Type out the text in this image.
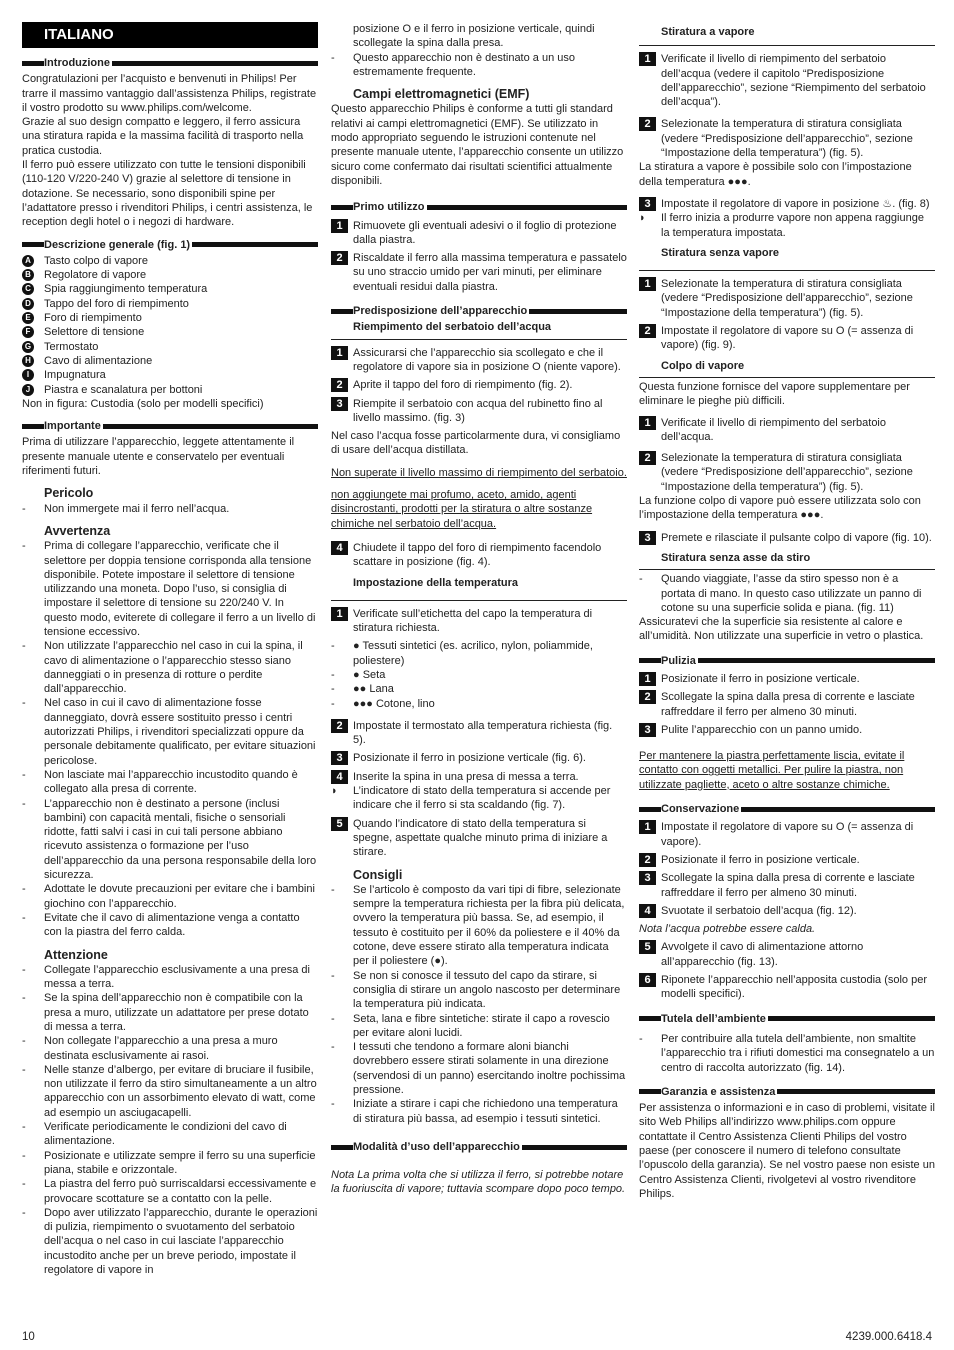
ITALIANO
Introduzione

Congratulazioni per l’acquisto e benvenuti in Philips! Per trarre il massimo vantaggio dall’assistenza Philips, registrate il vostro prodotto su www.philips.com/welcome.
Grazie al suo design compatto e leggero, il ferro assicura una stiratura rapida e la massima facilità di trasporto nella pratica custodia.
Il ferro può essere utilizzato con tutte le tensioni disponibili (110-120 V/220-240 V) grazie al selettore di tensione in dotazione. Se necessario, sono disponibili spine per l’adattatore presso i rivenditori Philips, i centri assistenza, le reception degli hotel o i negozi di hardware.

Descrizione generale (fig. 1)
A Tasto colpo di vapore
B Regolatore di vapore
C Spia raggiungimento temperatura
D Tappo del foro di riempimento
E	Foro di riempimento
F	Selettore di tensione
G Termostato
H Cavo di alimentazione
I	Impugnatura
J	Piastra e scanalatura per bottoni

Non in figura: Custodia (solo per modelli specifici)

Importante

Prima di utilizzare l’apparecchio, leggete attentamente il presente manuale utente e conservatelo per eventuali riferimenti futuri.

Pericolo
-	Non immergete mai il ferro nell’acqua.
Avvertenza
-	Prima di collegare l’apparecchio, verificate che il selettore per doppia tensione corrisponda alla tensione disponibile. Potete impostare il selettore di tensione utilizzando una moneta. Dopo l’uso, si consiglia di impostare il selettore di tensione su 220/240 V. In questo modo, eviterete di collegare il ferro a un livello di tensione eccessivo.
-	Non utilizzate l’apparecchio nel caso in cui la spina, il cavo di alimentazione o l’apparecchio stesso siano danneggiati o in presenza di rotture o perdite dall’apparecchio.
-	Nel caso in cui il cavo di alimentazione fosse danneggiato, dovrà essere sostituito presso i centri autorizzati Philips, i rivenditori specializzati oppure da personale debitamente qualificato, per evitare situazioni pericolose.
-	Non lasciate mai l’apparecchio incustodito quando è collegato alla presa di corrente.
-	L’apparecchio non è destinato a persone (inclusi bambini) con capacità mentali, fisiche o sensoriali ridotte, fatti salvi i casi in cui tali persone abbiano ricevuto assistenza o formazione per l’uso dell’apparecchio da una persona responsabile della loro sicurezza.
-	Adottate le dovute precauzioni per evitare che i bambini giochino con l’apparecchio.
-	Evitate che il cavo di alimentazione venga a contatto con la piastra del ferro calda.
Attenzione
-	Collegate l’apparecchio esclusivamente a una presa di messa a terra.
-	Se la spina dell’apparecchio non è compatibile con la presa a muro, utilizzate un adattatore per prese dotato di messa a terra.
-	Non collegate l’apparecchio a una presa a muro destinata esclusivamente ai rasoi.
-	Nelle stanze d’albergo, per evitare di bruciare il fusibile, non utilizzate il ferro da stiro simultaneamente a un altro apparecchio con un assorbimento elevato di watt, come ad esempio un asciugacapelli.
-	Verificate periodicamente le condizioni del cavo di alimentazione.
-	Posizionate e utilizzate sempre il ferro su una superficie piana, stabile e orizzontale.
-	La piastra del ferro può surriscaldarsi eccessivamente e provocare scottature se a contatto con la pelle.
-	Dopo aver utilizzato l’apparecchio, durante le operazioni di pulizia, riempimento o svuotamento del serbatoio dell’acqua o nel caso in cui lasciate l’apparecchio incustodito anche per un breve periodo, impostate il regolatore di vapore in
posizione O e il ferro in posizione verticale, quindi scollegate la spina dalla presa.
-	Questo apparecchio non è destinato a un uso estremamente frequente.
Campi elettromagnetici (EMF)

Questo apparecchio Philips è conforme a tutti gli standard relativi ai campi elettromagnetici (EMF). Se utilizzato in modo appropriato seguendo le istruzioni contenute nel presente manuale utente, l’apparecchio consente un utilizzo sicuro come confermato dai risultati scientifici attualmente disponibili.

Primo utilizzo
1 Rimuovete gli eventuali adesivi o il foglio di protezione dalla piastra.
2 Riscaldate il ferro alla massima temperatura e passatelo su uno straccio umido per vari minuti, per eliminare eventuali residui dalla piastra.
Predisposizione dell’apparecchio
Riempimento del serbatoio dell’acqua
1 Assicurarsi che l’apparecchio sia scollegato e che il regolatore di vapore sia in posizione O (niente vapore).
2 Aprite il tappo del foro di riempimento (fig. 2).
3 Riempite il serbatoio con acqua del rubinetto fino al livello massimo. (fig. 3)

Nel caso l’acqua fosse particolarmente dura, vi consigliamo di usare dell’acqua distillata.

Non superate il livello massimo di riempimento del serbatoio.

non aggiungete mai profumo, aceto, amido, agenti disincrostanti, prodotti per la stiratura o altre sostanze chimiche nel serbatoio dell’acqua.

4 Chiudete il tappo del foro di riempimento facendolo scattare in posizione (fig. 4).
Impostazione della temperatura
1 Verificate sull’etichetta del capo la temperatura di stiratura richiesta.
-	● Tessuti sintetici (es. acrilico, nylon, poliammide, poliestere)
-	● Seta
-	●● Lana
-	●●● Cotone, lino
2 Impostate il termostato alla temperatura richiesta (fig. 5).
3 Posizionate il ferro in posizione verticale (fig. 6).
4 Inserite la spina in una presa di messa a terra.
◗	L’indicatore di stato della temperatura si accende per indicare che il ferro si sta scaldando (fig. 7).
5 Quando l’indicatore di stato della temperatura si spegne, aspettate qualche minuto prima di iniziare a stirare.
Consigli
-	Se l’articolo è composto da vari tipi di fibre, selezionate sempre la temperatura richiesta per la fibra più delicata, ovvero la temperatura più bassa. Se, ad esempio, il tessuto è costituito per il 60% da poliestere e il 40% da cotone, deve essere stirato alla temperatura indicata per il poliestere (●).
-	Se non si conosce il tessuto del capo da stirare, si consiglia di stirare un angolo nascosto per determinare la temperatura più indicata.
-	Seta, lana e fibre sintetiche: stirate il capo a rovescio per evitare aloni lucidi.
-	I tessuti che tendono a formare aloni bianchi dovrebbero essere stirati solamente in una direzione (servendosi di un panno) esercitando inoltre pochissima pressione.
-	Iniziate a stirare i capi che richiedono una temperatura di stiratura più bassa, ad esempio i tessuti sintetici.
Modalità d’uso dell’apparecchio

Nota La prima volta che si utilizza il ferro, si potrebbe notare la fuoriuscita di vapore; tuttavia scompare dopo poco tempo.

Stiratura a vapore
1 Verificate il livello di riempimento del serbatoio dell’acqua (vedere il capitolo “Predisposizione dell’apparecchio”, sezione “Riempimento del serbatoio dell’acqua”).
2 Selezionate la temperatura di stiratura consigliata (vedere “Predisposizione dell’apparecchio”, sezione “Impostazione della temperatura”) (fig. 5).

La stiratura a vapore è possibile solo con l’impostazione della temperatura ●●●.

3 Impostate il regolatore di vapore in posizione ♨. (fig. 8)
◗	Il ferro inizia a produrre vapore non appena raggiunge la temperatura impostata.
Stiratura senza vapore
1 Selezionate la temperatura di stiratura consigliata (vedere “Predisposizione dell’apparecchio”, sezione “Impostazione della temperatura”) (fig. 5).
2 Impostate il regolatore di vapore su O (= assenza di vapore) (fig. 9).
Colpo di vapore

Questa funzione fornisce del vapore supplementare per eliminare le pieghe più difficili.

1 Verificate il livello di riempimento del serbatoio dell’acqua.
2 Selezionate la temperatura di stiratura consigliata (vedere “Predisposizione dell’apparecchio”, sezione “Impostazione della temperatura”) (fig. 5).

La funzione colpo di vapore può essere utilizzata solo con l’impostazione della temperatura ●●●.

3 Premete e rilasciate il pulsante colpo di vapore (fig. 10).
Stiratura senza asse da stiro
-	Quando viaggiate, l’asse da stiro spesso non è a portata di mano. In questo caso utilizzate un panno di cotone su una superficie solida e piana. (fig. 11)

Assicuratevi che la superficie sia resistente al calore e all’umidità. Non utilizzate una superficie in vetro o plastica.

Pulizia
1 Posizionate il ferro in posizione verticale.
2 Scollegate la spina dalla presa di corrente e lasciate raffreddare il ferro per almeno 30 minuti.
3 Pulite l’apparecchio con un panno umido.

Per mantenere la piastra perfettamente liscia, evitate il contatto con oggetti metallici. Per pulire la piastra, non utilizzate pagliette, aceto o altre sostanze chimiche.

Conservazione
1 Impostate il regolatore di vapore su O (= assenza di vapore).
2 Posizionate il ferro in posizione verticale.
3 Scollegate la spina dalla presa di corrente e lasciate raffreddare il ferro per almeno 30 minuti.
4 Svuotate il serbatoio dell’acqua (fig. 12).

Nota l’acqua potrebbe essere calda.

5 Avvolgete il cavo di alimentazione attorno all’apparecchio (fig. 13).
6 Riponete l’apparecchio nell’apposita custodia (solo per modelli specifici).
Tutela dell’ambiente
-	Per contribuire alla tutela dell’ambiente, non smaltite l’apparecchio tra i rifiuti domestici ma consegnatelo a un centro di raccolta autorizzato (fig. 14).
Garanzia e assistenza

Per assistenza o informazioni e in caso di problemi, visitate il sito Web Philips all’indirizzo www.philips.com oppure contattate il Centro Assistenza Clienti Philips del vostro paese (per conoscere il numero di telefono consultate l’opuscolo della garanzia). Se nel vostro paese non esiste un Centro Assistenza Clienti, rivolgetevi al vostro rivenditore Philips.

10	4239.000.6418.4
